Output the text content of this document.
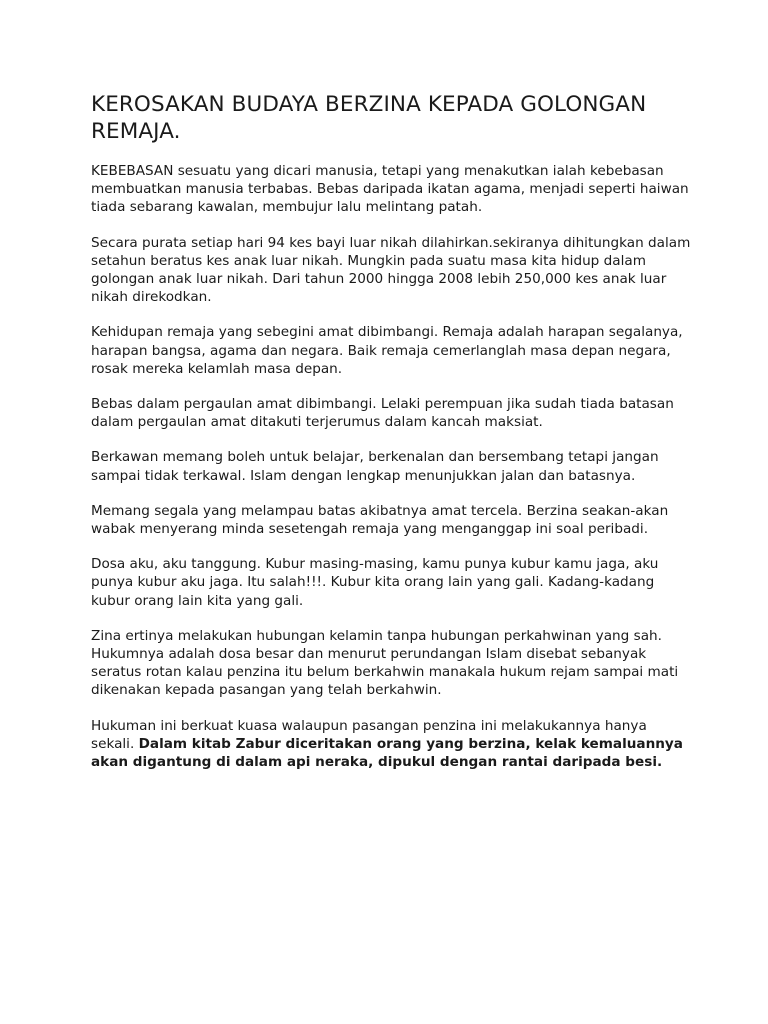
KEROSAKAN BUDAYA BERZINA KEPADA GOLONGAN REMAJA.

KEBEBASAN sesuatu yang dicari manusia, tetapi yang menakutkan ialah kebebasan membuatkan manusia terbabas. Bebas daripada ikatan agama, menjadi seperti haiwan tiada sebarang kawalan, membujur lalu melintang patah.

Secara purata setiap hari 94 kes bayi luar nikah dilahirkan.sekiranya dihitungkan dalam setahun beratus kes anak luar nikah. Mungkin pada suatu masa kita hidup dalam golongan anak luar nikah. Dari tahun 2000 hingga 2008 lebih 250,000 kes anak luar nikah direkodkan.

Kehidupan remaja yang sebegini amat dibimbangi. Remaja adalah harapan segalanya, harapan bangsa, agama dan negara. Baik remaja cemerlanglah masa depan negara, rosak mereka kelamlah masa depan.

Bebas dalam pergaulan amat dibimbangi. Lelaki perempuan jika sudah tiada batasan dalam pergaulan amat ditakuti terjerumus dalam kancah maksiat.

Berkawan memang boleh untuk belajar, berkenalan dan bersembang tetapi jangan sampai tidak terkawal. Islam dengan lengkap menunjukkan jalan dan batasnya.

Memang segala yang melampau batas akibatnya amat tercela. Berzina seakan-akan wabak menyerang minda sesetengah remaja yang menganggap ini soal peribadi.

Dosa aku, aku tanggung. Kubur masing-masing, kamu punya kubur kamu jaga, aku punya kubur aku jaga. Itu salah!!!. Kubur kita orang lain yang gali. Kadang-kadang kubur orang lain kita yang gali.

Zina ertinya melakukan hubungan kelamin tanpa hubungan perkahwinan yang sah. Hukumnya adalah dosa besar dan menurut perundangan Islam disebat sebanyak seratus rotan kalau penzina itu belum berkahwin manakala hukum rejam sampai mati dikenakan kepada pasangan yang telah berkahwin.

Hukuman ini berkuat kuasa walaupun pasangan penzina ini melakukannya hanya sekali. Dalam kitab Zabur diceritakan orang yang berzina, kelak kemaluannya akan digantung di dalam api neraka, dipukul dengan rantai daripada besi.
